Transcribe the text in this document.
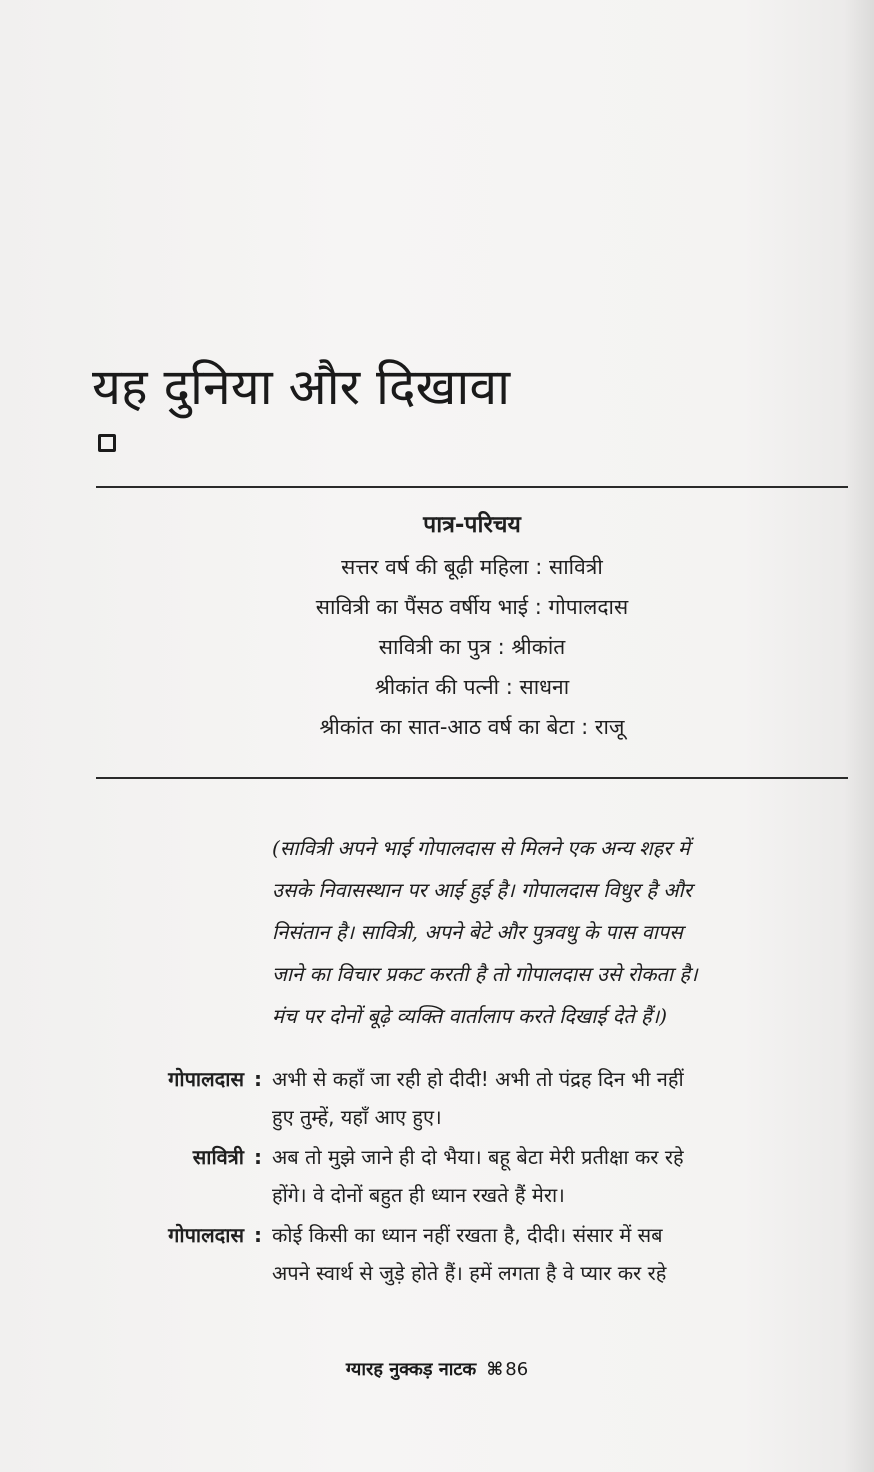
यह दुनिया और दिखावा
पात्र-परिचय

सत्तर वर्ष की बूढ़ी महिला : सावित्री

सावित्री का पैंसठ वर्षीय भाई : गोपालदास

सावित्री का पुत्र : श्रीकांत

श्रीकांत की पत्नी : साधना

श्रीकांत का सात-आठ वर्ष का बेटा : राजू

(सावित्री अपने भाई गोपालदास से मिलने एक अन्य शहर में
उसके निवासस्थान पर आई हुई है। गोपालदास विधुर है और
निसंतान है। सावित्री, अपने बेटे और पुत्रवधु के पास वापस
जाने का विचार प्रकट करती है तो गोपालदास उसे रोकता है।
मंच पर दोनों बूढ़े व्यक्ति वार्तालाप करते दिखाई देते हैं।)
गोपालदास : अभी से कहाँ जा रही हो दीदी! अभी तो पंद्रह दिन भी नहीं
हुए तुम्हें, यहाँ आए हुए।
सावित्री : अब तो मुझे जाने ही दो भैया। बहू बेटा मेरी प्रतीक्षा कर रहे
होंगे। वे दोनों बहुत ही ध्यान रखते हैं मेरा।
गोपालदास : कोई किसी का ध्यान नहीं रखता है, दीदी। संसार में सब
अपने स्वार्थ से जुड़े होते हैं। हमें लगता है वे प्यार कर रहे
ग्यारह नुक्कड़ नाटक ⌘ 86
